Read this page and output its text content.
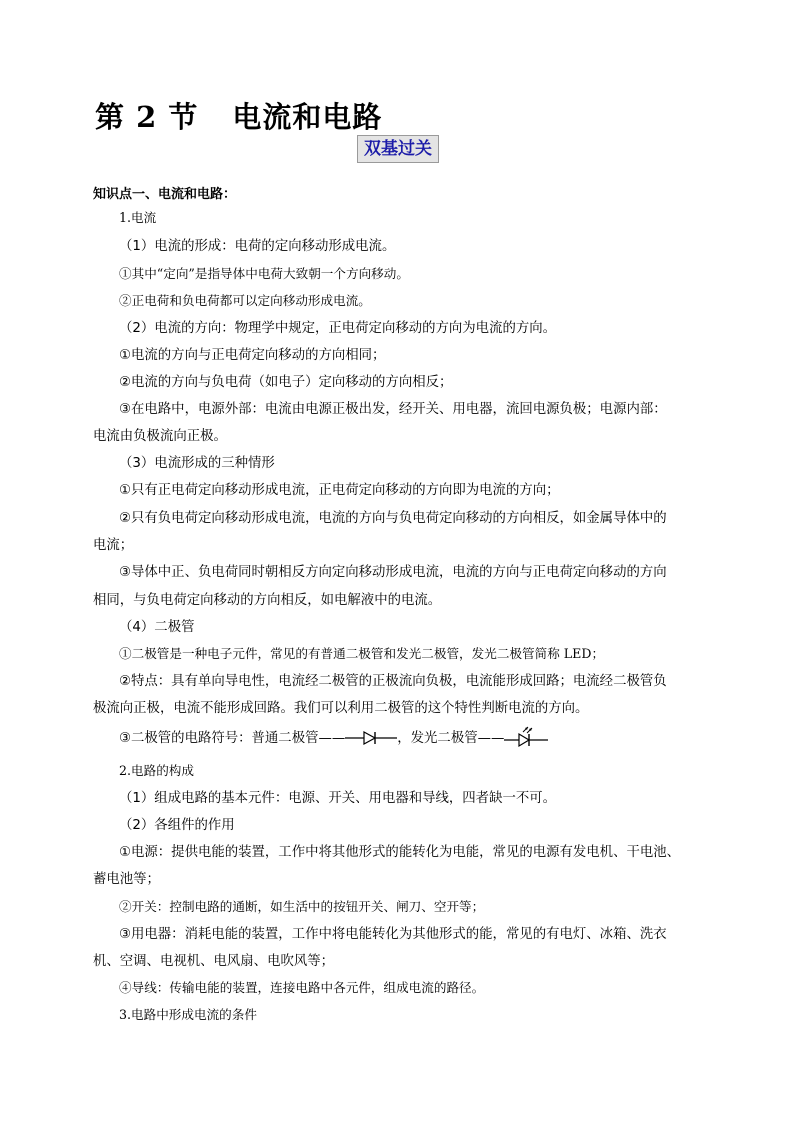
第 2 节 电流和电路
双基过关
知识点一、电流和电路：
1.电流
（1）电流的形成：电荷的定向移动形成电流。
①其中“定向”是指导体中电荷大致朝一个方向移动。
②正电荷和负电荷都可以定向移动形成电流。
（2）电流的方向：物理学中规定，正电荷定向移动的方向为电流的方向。
①电流的方向与正电荷定向移动的方向相同；
②电流的方向与负电荷（如电子）定向移动的方向相反；
③在电路中，电源外部：电流由电源正极出发，经开关、用电器，流回电源负极；电源内部：
电流由负极流向正极。
（3）电流形成的三种情形
①只有正电荷定向移动形成电流，正电荷定向移动的方向即为电流的方向；
②只有负电荷定向移动形成电流，电流的方向与负电荷定向移动的方向相反，如金属导体中的
电流；
③导体中正、负电荷同时朝相反方向定向移动形成电流，电流的方向与正电荷定向移动的方向
相同，与负电荷定向移动的方向相反，如电解液中的电流。
（4）二极管
①二极管是一种电子元件，常见的有普通二极管和发光二极管，发光二极管简称 LED；
②特点：具有单向导电性，电流经二极管的正极流向负极，电流能形成回路；电流经二极管负
极流向正极，电流不能形成回路。我们可以利用二极管的这个特性判断电流的方向。
③二极管的电路符号：普通二极管——	，发光二极管——
2.电路的构成
（1）组成电路的基本元件：电源、开关、用电器和导线，四者缺一不可。
（2）各组件的作用
①电源：提供电能的装置，工作中将其他形式的能转化为电能，常见的电源有发电机、干电池、
蓄电池等；
②开关：控制电路的通断，如生活中的按钮开关、闸刀、空开等；
③用电器：消耗电能的装置，工作中将电能转化为其他形式的能，常见的有电灯、冰箱、洗衣
机、空调、电视机、电风扇、电吹风等；
④导线：传输电能的装置，连接电路中各元件，组成电流的路径。
3.电路中形成电流的条件
